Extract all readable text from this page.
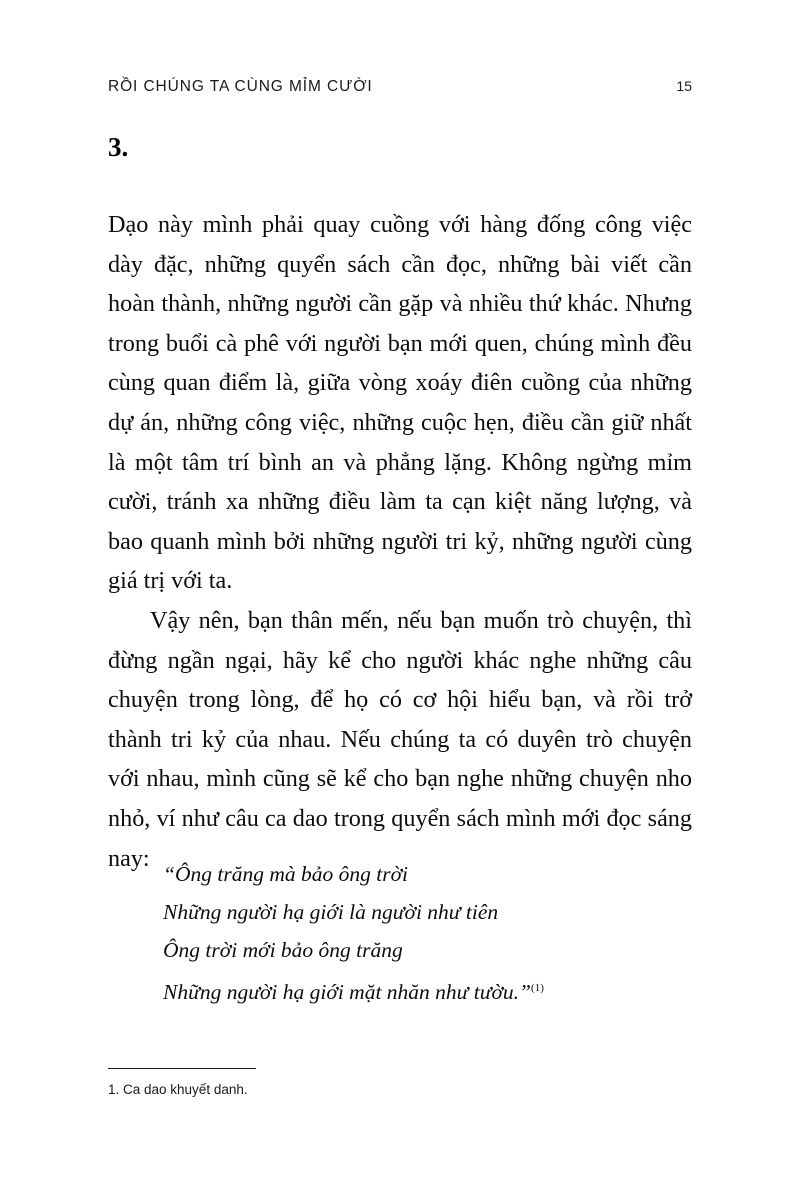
RỒI CHÚNG TA CÙNG MỈM CƯỜI	15
3.

Dạo này mình phải quay cuồng với hàng đống công việc dày đặc, những quyển sách cần đọc, những bài viết cần hoàn thành, những người cần gặp và nhiều thứ khác. Nhưng trong buổi cà phê với người bạn mới quen, chúng mình đều cùng quan điểm là, giữa vòng xoáy điên cuồng của những dự án, những công việc, những cuộc hẹn, điều cần giữ nhất là một tâm trí bình an và phẳng lặng. Không ngừng mỉm cười, tránh xa những điều làm ta cạn kiệt năng lượng, và bao quanh mình bởi những người tri kỷ, những người cùng giá trị với ta.

Vậy nên, bạn thân mến, nếu bạn muốn trò chuyện, thì đừng ngần ngại, hãy kể cho người khác nghe những câu chuyện trong lòng, để họ có cơ hội hiểu bạn, và rồi trở thành tri kỷ của nhau. Nếu chúng ta có duyên trò chuyện với nhau, mình cũng sẽ kể cho bạn nghe những chuyện nho nhỏ, ví như câu ca dao trong quyển sách mình mới đọc sáng nay:

“Ông trăng mà bảo ông trời

Những người hạ giới là người như tiên

Ông trời mới bảo ông trăng

Những người hạ giới mặt nhăn như tườu.”$^{(1)}$

1. Ca dao khuyết danh.
